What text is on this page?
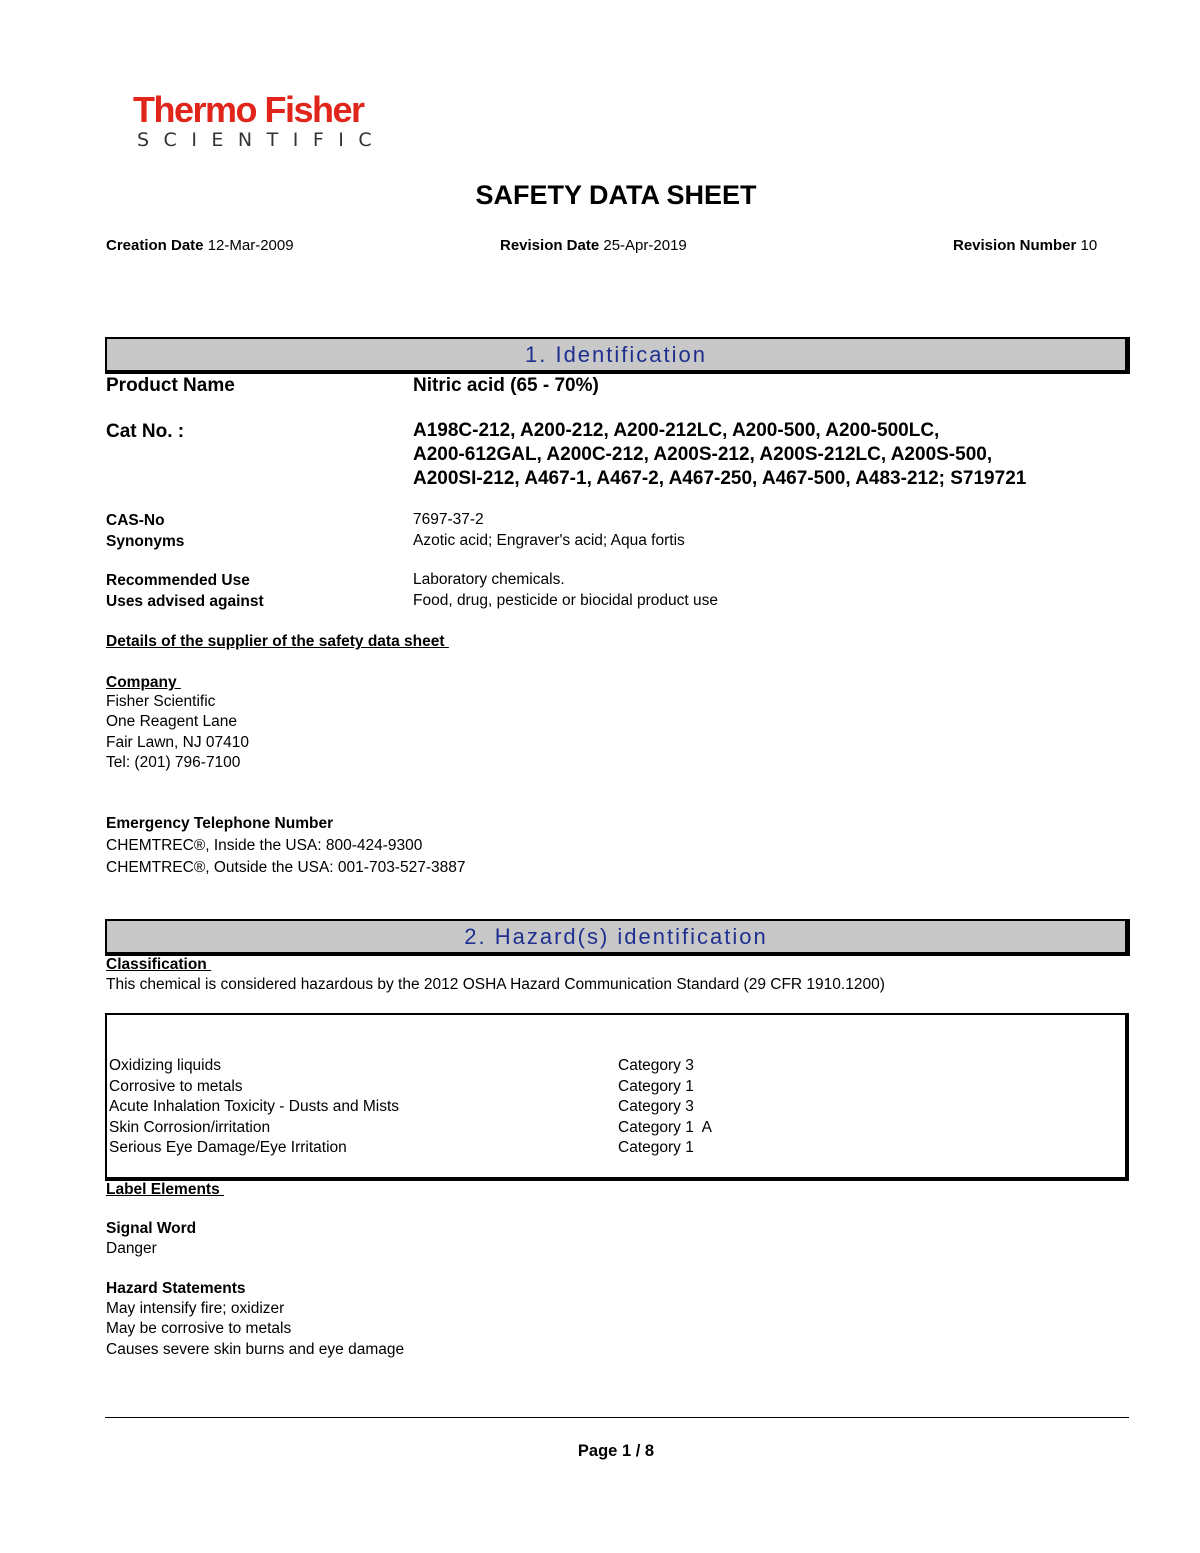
Thermo Fisher
SCIENTIFIC
SAFETY DATA SHEET
Creation Date 12-Mar-2009	Revision Date 25-Apr-2019	Revision Number 10
1. Identification
Product Name	Nitric acid (65 - 70%)
Cat No. :	A198C-212, A200-212, A200-212LC, A200-500, A200-500LC,
A200-612GAL, A200C-212, A200S-212, A200S-212LC, A200S-500,
A200SI-212, A467-1, A467-2, A467-250, A467-500, A483-212; S719721
CAS-No	7697-37-2
Synonyms	Azotic acid; Engraver's acid; Aqua fortis
Recommended Use	Laboratory chemicals.
Uses advised against	Food, drug, pesticide or biocidal product use
Details of the supplier of the safety data sheet
Company
Fisher Scientific
One Reagent Lane
Fair Lawn, NJ 07410
Tel: (201) 796-7100
Emergency Telephone Number
CHEMTREC®, Inside the USA: 800-424-9300
CHEMTREC®, Outside the USA: 001-703-527-3887
2. Hazard(s) identification
Classification
This chemical is considered hazardous by the 2012 OSHA Hazard Communication Standard (29 CFR 1910.1200)
Oxidizing liquids	Category 3
Corrosive to metals	Category 1
Acute Inhalation Toxicity - Dusts and Mists	Category 3
Skin Corrosion/irritation	Category 1  A
Serious Eye Damage/Eye Irritation	Category 1
Label Elements
Signal Word
Danger
Hazard Statements
May intensify fire; oxidizer
May be corrosive to metals
Causes severe skin burns and eye damage
Page 1 / 8
